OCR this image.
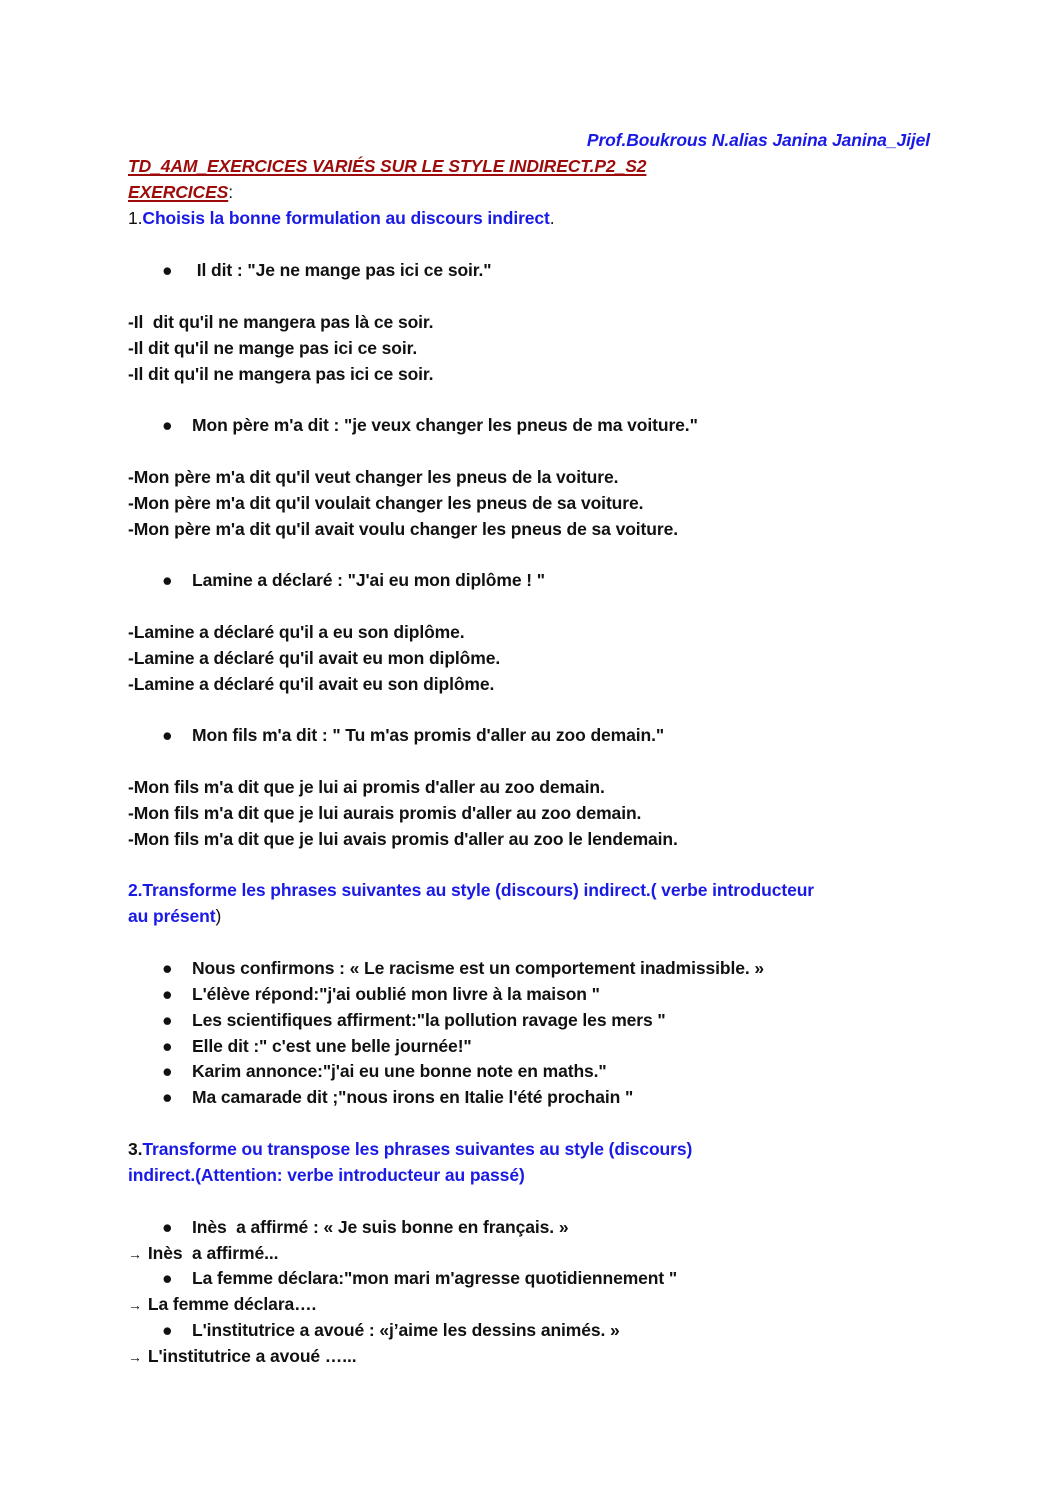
Prof.Boukrous N.alias Janina Janina_Jijel
TD_4AM_EXERCICES VARIÉS SUR LE STYLE INDIRECT.P2_S2
EXERCICES:
1.Choisis la bonne formulation au discours indirect.
● Il dit : "Je ne mange pas ici ce soir."
-Il  dit qu'il ne mangera pas là ce soir.
-Il dit qu'il ne mange pas ici ce soir.
-Il dit qu'il ne mangera pas ici ce soir.
● Mon père m'a dit : "je veux changer les pneus de ma voiture."
-Mon père m'a dit qu'il veut changer les pneus de la voiture.
-Mon père m'a dit qu'il voulait changer les pneus de sa voiture.
-Mon père m'a dit qu'il avait voulu changer les pneus de sa voiture.
● Lamine a déclaré : "J'ai eu mon diplôme ! "
-Lamine a déclaré qu'il a eu son diplôme.
-Lamine a déclaré qu'il avait eu mon diplôme.
-Lamine a déclaré qu'il avait eu son diplôme.
● Mon fils m'a dit : " Tu m'as promis d'aller au zoo demain."
-Mon fils m'a dit que je lui ai promis d'aller au zoo demain.
-Mon fils m'a dit que je lui aurais promis d'aller au zoo demain.
-Mon fils m'a dit que je lui avais promis d'aller au zoo le lendemain.
2.Transforme les phrases suivantes au style (discours) indirect.( verbe introducteur
au présent)
● Nous confirmons : « Le racisme est un comportement inadmissible. »
● L'élève répond:"j'ai oublié mon livre à la maison "
● Les scientifiques affirment:"la pollution ravage les mers "
● Elle dit :" c'est une belle journée!"
● Karim annonce:"j'ai eu une bonne note en maths."
● Ma camarade dit ;"nous irons en Italie l'été prochain "
3.Transforme ou transpose les phrases suivantes au style (discours)
indirect.(Attention: verbe introducteur au passé)
● Inès  a affirmé : « Je suis bonne en français. »
→ Inès  a affirmé...
● La femme déclara:"mon mari m'agresse quotidiennement "
→ La femme déclara….
● L'institutrice a avoué : «j’aime les dessins animés. »
→ L'institutrice a avoué …...
